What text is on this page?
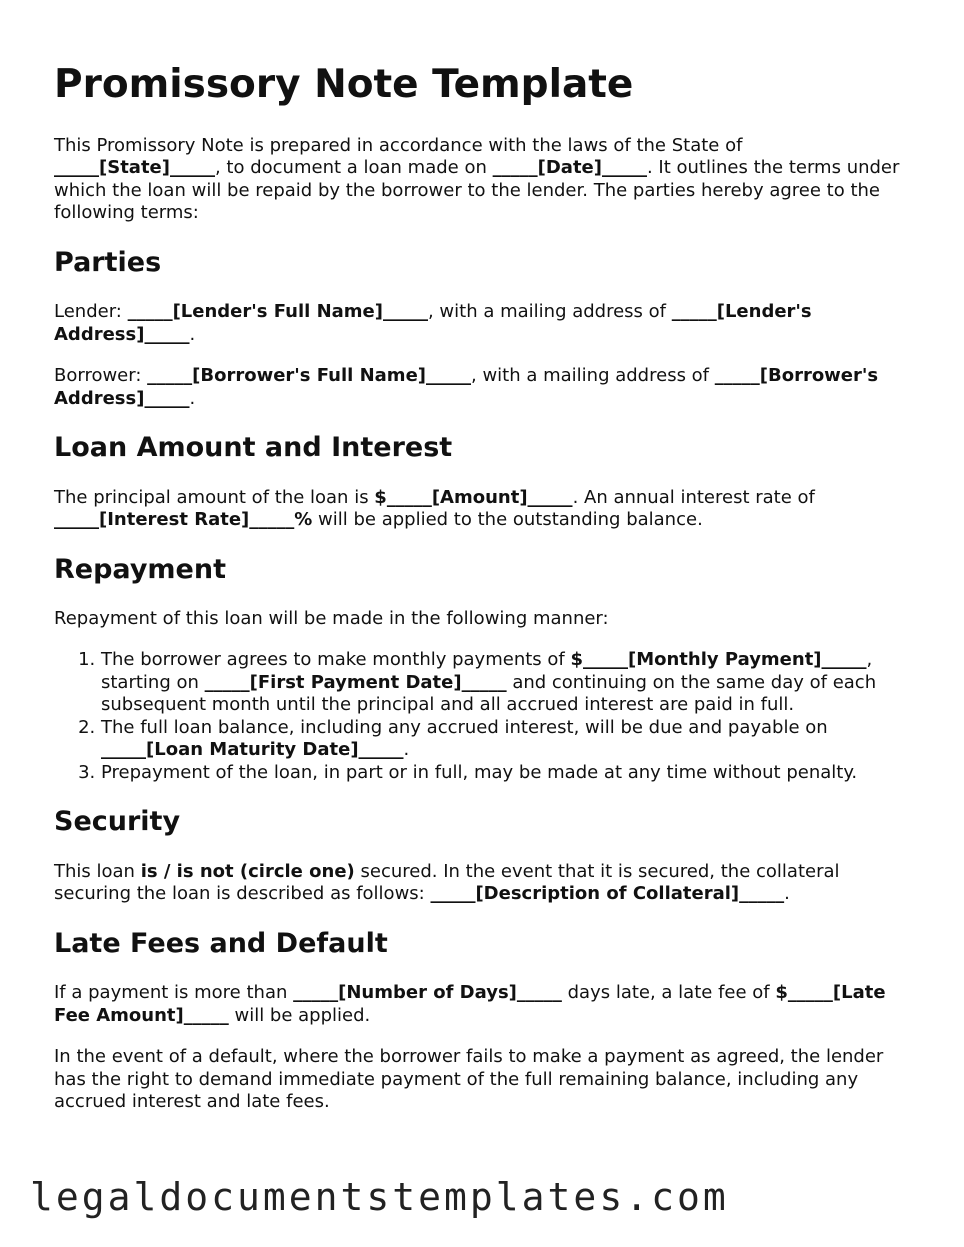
Promissory Note Template

This Promissory Note is prepared in accordance with the laws of the State of _____[State]_____, to document a loan made on _____[Date]_____. It outlines the terms under which the loan will be repaid by the borrower to the lender. The parties hereby agree to the following terms:

Parties

Lender: _____[Lender's Full Name]_____, with a mailing address of _____[Lender's Address]_____.

Borrower: _____[Borrower's Full Name]_____, with a mailing address of _____[Borrower's Address]_____.

Loan Amount and Interest

The principal amount of the loan is $_____[Amount]_____. An annual interest rate of _____[Interest Rate]_____% will be applied to the outstanding balance.

Repayment

Repayment of this loan will be made in the following manner:

1. The borrower agrees to make monthly payments of $_____[Monthly Payment]_____, starting on _____[First Payment Date]_____ and continuing on the same day of each subsequent month until the principal and all accrued interest are paid in full.
2. The full loan balance, including any accrued interest, will be due and payable on _____[Loan Maturity Date]_____.
3. Prepayment of the loan, in part or in full, may be made at any time without penalty.
Security

This loan is / is not (circle one) secured. In the event that it is secured, the collateral securing the loan is described as follows: _____[Description of Collateral]_____.

Late Fees and Default

If a payment is more than _____[Number of Days]_____ days late, a late fee of $_____[Late Fee Amount]_____ will be applied.

In the event of a default, where the borrower fails to make a payment as agreed, the lender has the right to demand immediate payment of the full remaining balance, including any accrued interest and late fees.

legaldocumentstemplates.com
